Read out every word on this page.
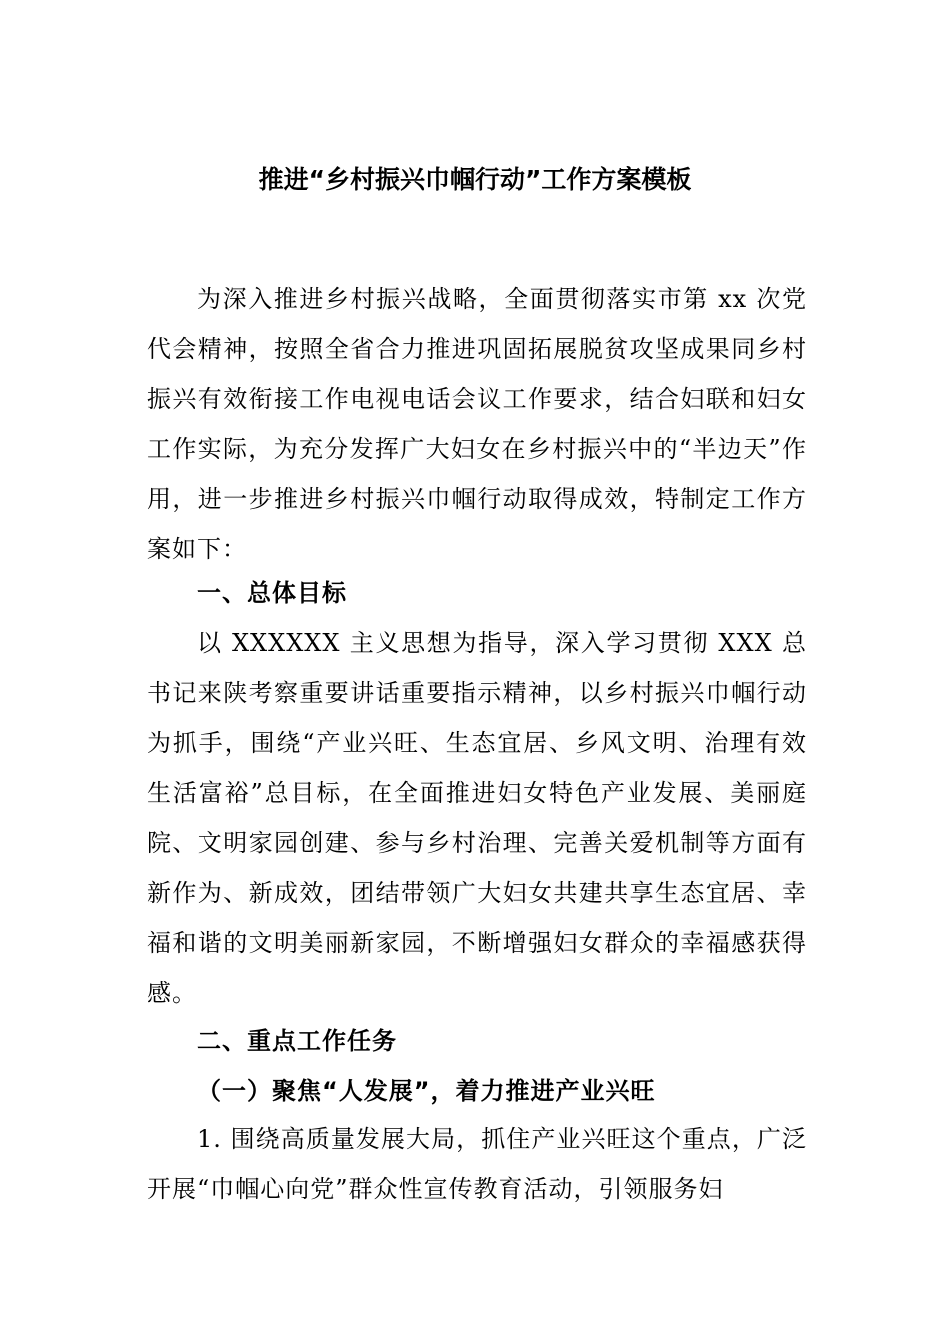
推进“乡村振兴巾帼行动”工作方案模板

为深入推进乡村振兴战略，全面贯彻落实市第 xx 次党代会精神，按照全省合力推进巩固拓展脱贫攻坚成果同乡村振兴有效衔接工作电视电话会议工作要求，结合妇联和妇女工作实际，为充分发挥广大妇女在乡村振兴中的“半边天”作用，进一步推进乡村振兴巾帼行动取得成效，特制定工作方案如下：

一、总体目标

以 XXXXXX 主义思想为指导，深入学习贯彻 XXX 总书记来陕考察重要讲话重要指示精神，以乡村振兴巾帼行动为抓手，围绕“产业兴旺、生态宜居、乡风文明、治理有效生活富裕”总目标，在全面推进妇女特色产业发展、美丽庭院、文明家园创建、参与乡村治理、完善关爱机制等方面有新作为、新成效，团结带领广大妇女共建共享生态宜居、幸福和谐的文明美丽新家园，不断增强妇女群众的幸福感获得感。

二、重点工作任务
（一）聚焦“人发展”，着力推进产业兴旺

1. 围绕高质量发展大局，抓住产业兴旺这个重点，广泛开展“巾帼心向党”群众性宣传教育活动，引领服务妇
